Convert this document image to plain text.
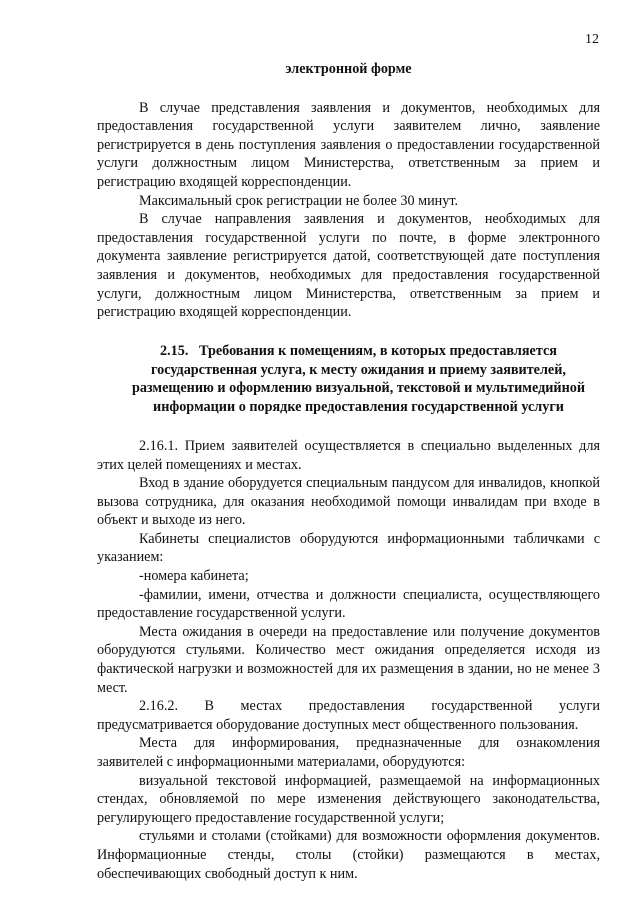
12
электронной форме

В случае представления заявления и документов, необходимых для предоставления государственной услуги заявителем лично, заявление регистрируется в день поступления заявления о предоставлении государственной услуги должностным лицом Министерства, ответственным за прием и регистрацию входящей корреспонденции.

Максимальный срок регистрации не более 30 минут.

В случае направления заявления и документов, необходимых для предоставления государственной услуги по почте, в форме электронного документа заявление регистрируется датой, соответствующей дате поступления заявления и документов, необходимых для предоставления государственной услуги, должностным лицом Министерства, ответственным за прием и регистрацию входящей корреспонденции.

2.15.   Требования к помещениям, в которых предоставляется государственная услуга, к месту ожидания и приему заявителей, размещению и оформлению визуальной, текстовой и мультимедийной информации о порядке предоставления государственной услуги

2.16.1. Прием заявителей осуществляется в специально выделенных для этих целей помещениях и местах.

Вход в здание оборудуется специальным пандусом для инвалидов, кнопкой вызова сотрудника, для оказания необходимой помощи инвалидам при входе в объект и выходе из него.

Кабинеты специалистов оборудуются информационными табличками с указанием:

-номера кабинета;

-фамилии, имени, отчества и должности специалиста, осуществляющего предоставление государственной услуги.

Места ожидания в очереди на предоставление или получение документов оборудуются стульями. Количество мест ожидания определяется исходя из фактической нагрузки и возможностей для их размещения в здании, но не менее 3 мест.

2.16.2. В местах предоставления государственной услуги предусматривается оборудование доступных мест общественного пользования.

Места для информирования, предназначенные для ознакомления заявителей с информационными материалами, оборудуются:

визуальной текстовой информацией, размещаемой на информационных стендах, обновляемой по мере изменения действующего законодательства, регулирующего предоставление государственной услуги;

стульями и столами (стойками) для возможности оформления документов. Информационные стенды, столы (стойки) размещаются в местах, обеспечивающих свободный доступ к ним.
